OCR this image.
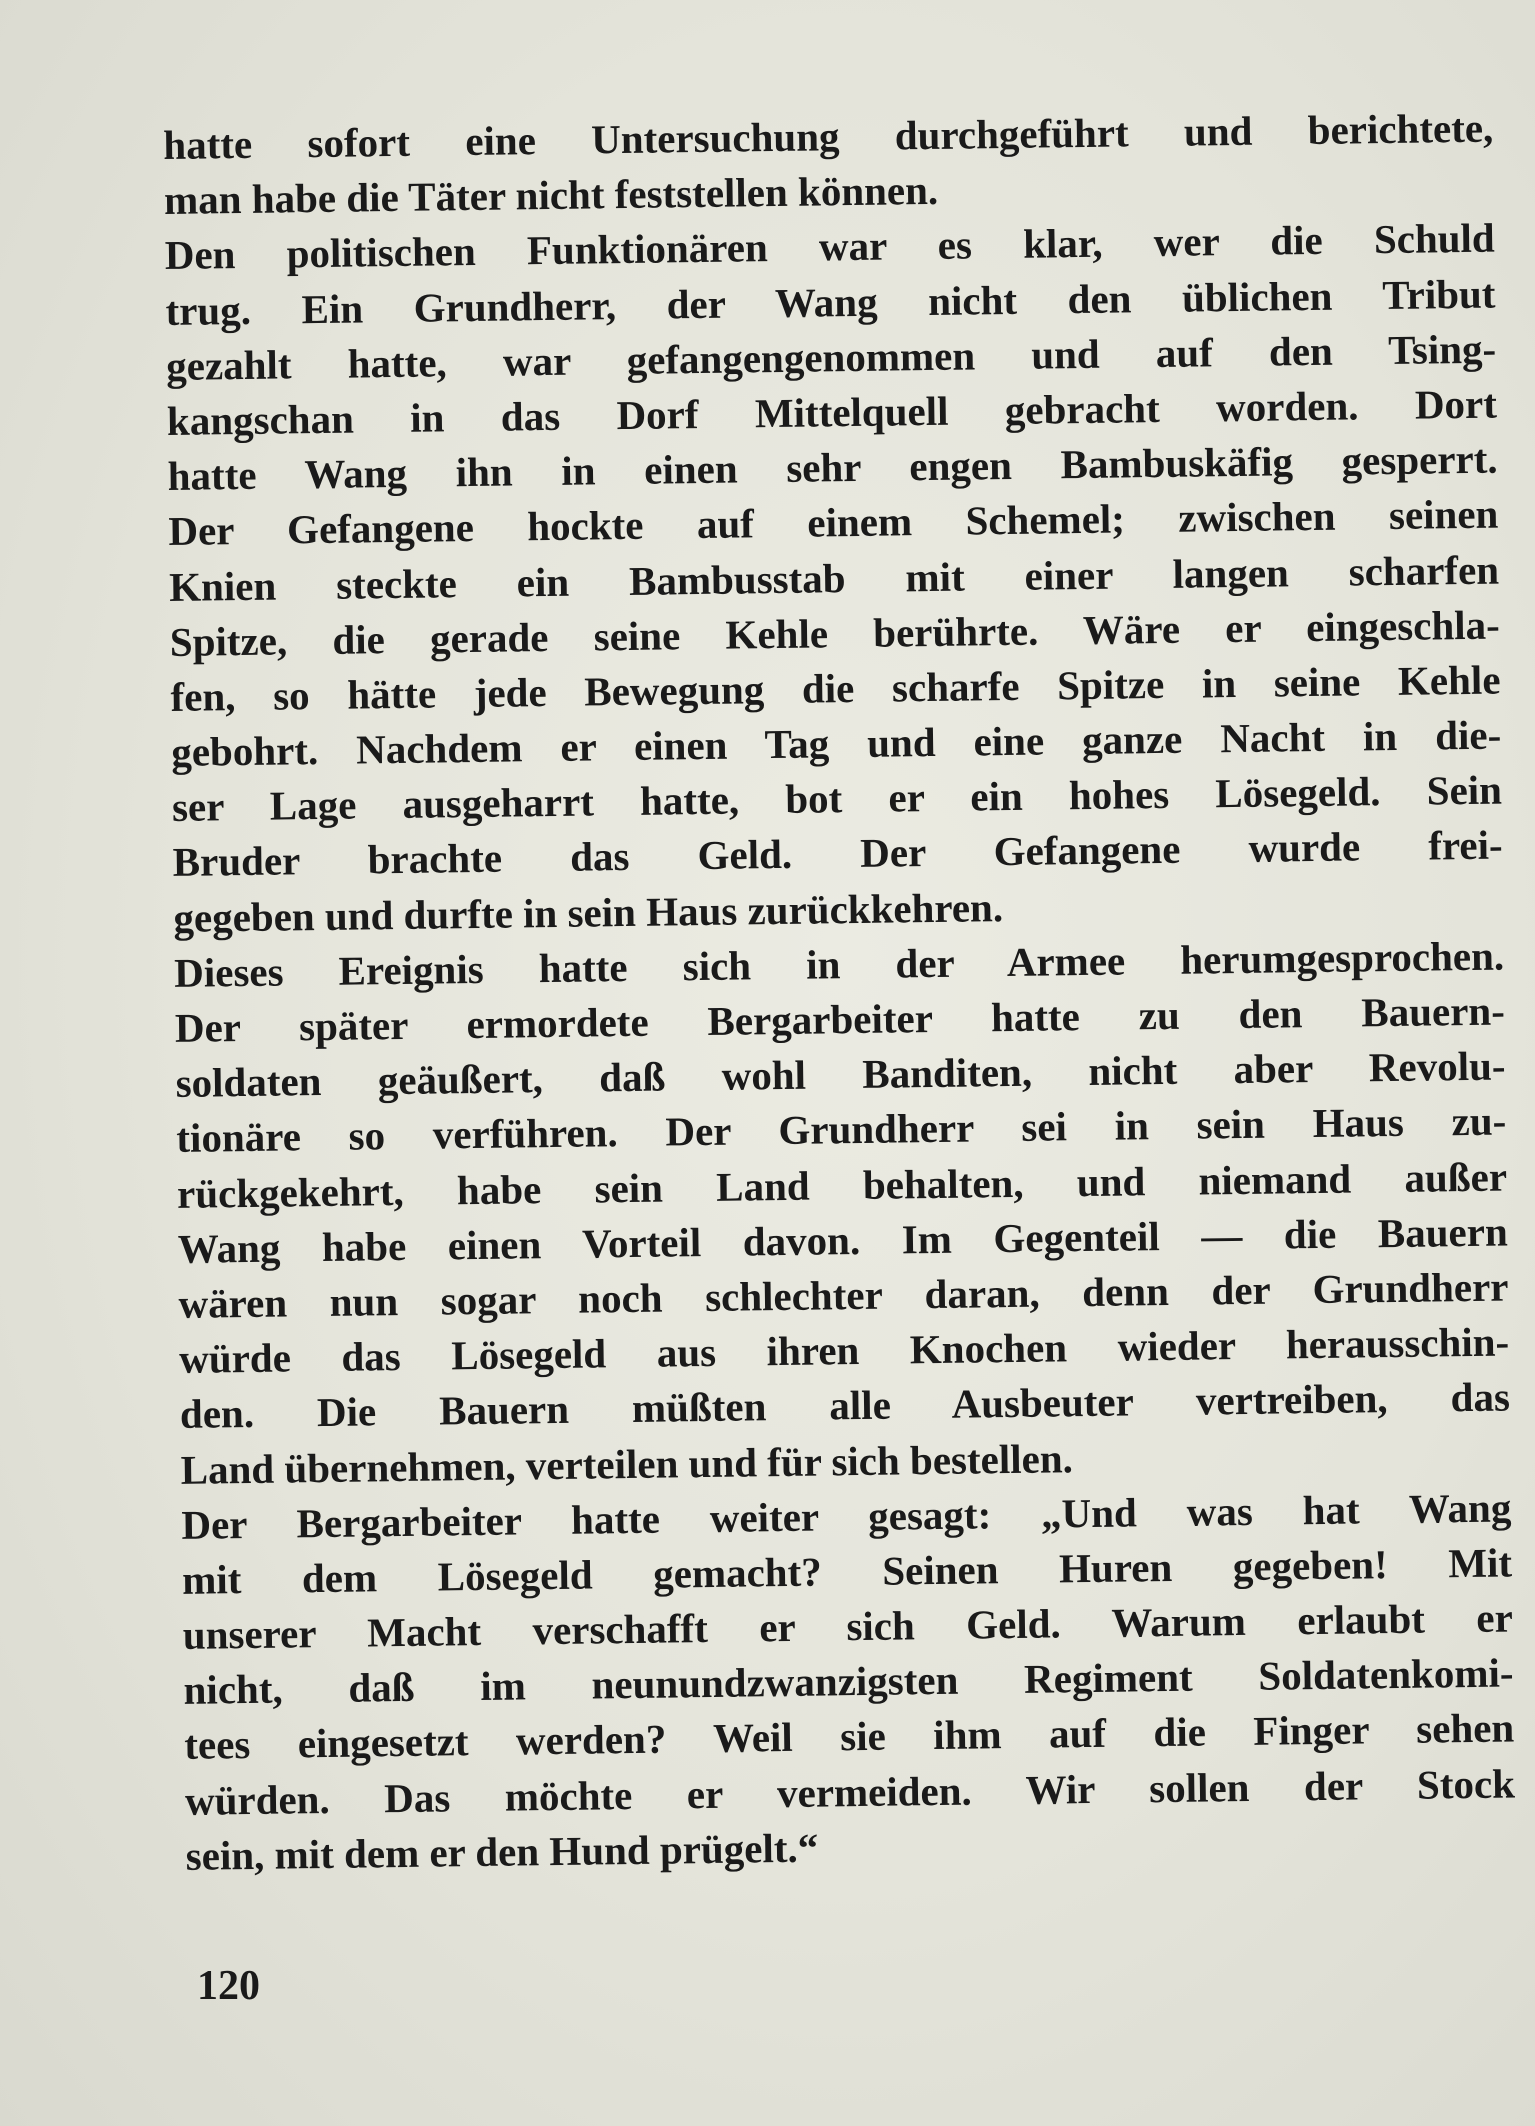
hatte sofort eine Untersuchung durchgeführt und berichtete,
man habe die Täter nicht feststellen können.
Den politischen Funktionären war es klar, wer die Schuld
trug. Ein Grundherr, der Wang nicht den üblichen Tribut
gezahlt hatte, war gefangengenommen und auf den Tsing-
kangschan in das Dorf Mittelquell gebracht worden. Dort
hatte Wang ihn in einen sehr engen Bambuskäfig gesperrt.
Der Gefangene hockte auf einem Schemel; zwischen seinen
Knien steckte ein Bambusstab mit einer langen scharfen
Spitze, die gerade seine Kehle berührte. Wäre er eingeschla-
fen, so hätte jede Bewegung die scharfe Spitze in seine Kehle
gebohrt. Nachdem er einen Tag und eine ganze Nacht in die-
ser Lage ausgeharrt hatte, bot er ein hohes Lösegeld. Sein
Bruder brachte das Geld. Der Gefangene wurde frei-
gegeben und durfte in sein Haus zurückkehren.
Dieses Ereignis hatte sich in der Armee herumgesprochen.
Der später ermordete Bergarbeiter hatte zu den Bauern-
soldaten geäußert, daß wohl Banditen, nicht aber Revolu-
tionäre so verführen. Der Grundherr sei in sein Haus zu-
rückgekehrt, habe sein Land behalten, und niemand außer
Wang habe einen Vorteil davon. Im Gegenteil — die Bauern
wären nun sogar noch schlechter daran, denn der Grundherr
würde das Lösegeld aus ihren Knochen wieder herausschin-
den. Die Bauern müßten alle Ausbeuter vertreiben, das
Land übernehmen, verteilen und für sich bestellen.
Der Bergarbeiter hatte weiter gesagt: „Und was hat Wang
mit dem Lösegeld gemacht? Seinen Huren gegeben! Mit
unserer Macht verschafft er sich Geld. Warum erlaubt er
nicht, daß im neunundzwanzigsten Regiment Soldatenkomi-
tees eingesetzt werden? Weil sie ihm auf die Finger sehen
würden. Das möchte er vermeiden. Wir sollen der Stock
sein, mit dem er den Hund prügelt.“
120
